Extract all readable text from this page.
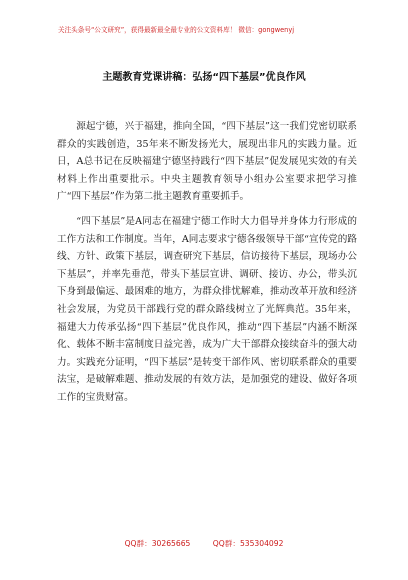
关注头条号“公文研究”，获得最新最全最专业的公文资料库！ 微信：gongwenyj
主题教育党课讲稿：弘扬“四下基层”优良作风

源起宁德，兴于福建，推向全国，“四下基层”这一我们党密切联系群众的实践创造，35年来不断发扬光大，展现出非凡的实践力量。近日，A总书记在反映福建宁德坚持践行“四下基层”促发展见实效的有关材料上作出重要批示。中央主题教育领导小组办公室要求把学习推广“四下基层”作为第二批主题教育重要抓手。

“四下基层”是A同志在福建宁德工作时大力倡导并身体力行形成的工作方法和工作制度。当年，A同志要求宁德各级领导干部“宣传党的路线、方针、政策下基层，调查研究下基层，信访接待下基层，现场办公下基层”，并率先垂范，带头下基层宣讲、调研、接访、办公，带头沉下身到最偏远、最困难的地方，为群众排忧解难，推动改革开放和经济社会发展，为党员干部践行党的群众路线树立了光辉典范。35年来，福建大力传承弘扬“四下基层”优良作风，推动“四下基层”内涵不断深化、载体不断丰富制度日益完善，成为广大干部群众接续奋斗的强大动力。实践充分证明，“四下基层”是转变干部作风、密切联系群众的重要法宝，是破解难题、推动发展的有效方法，是加强党的建设、做好各项工作的宝贵财富。

QQ群：30265665	QQ群：535304092
